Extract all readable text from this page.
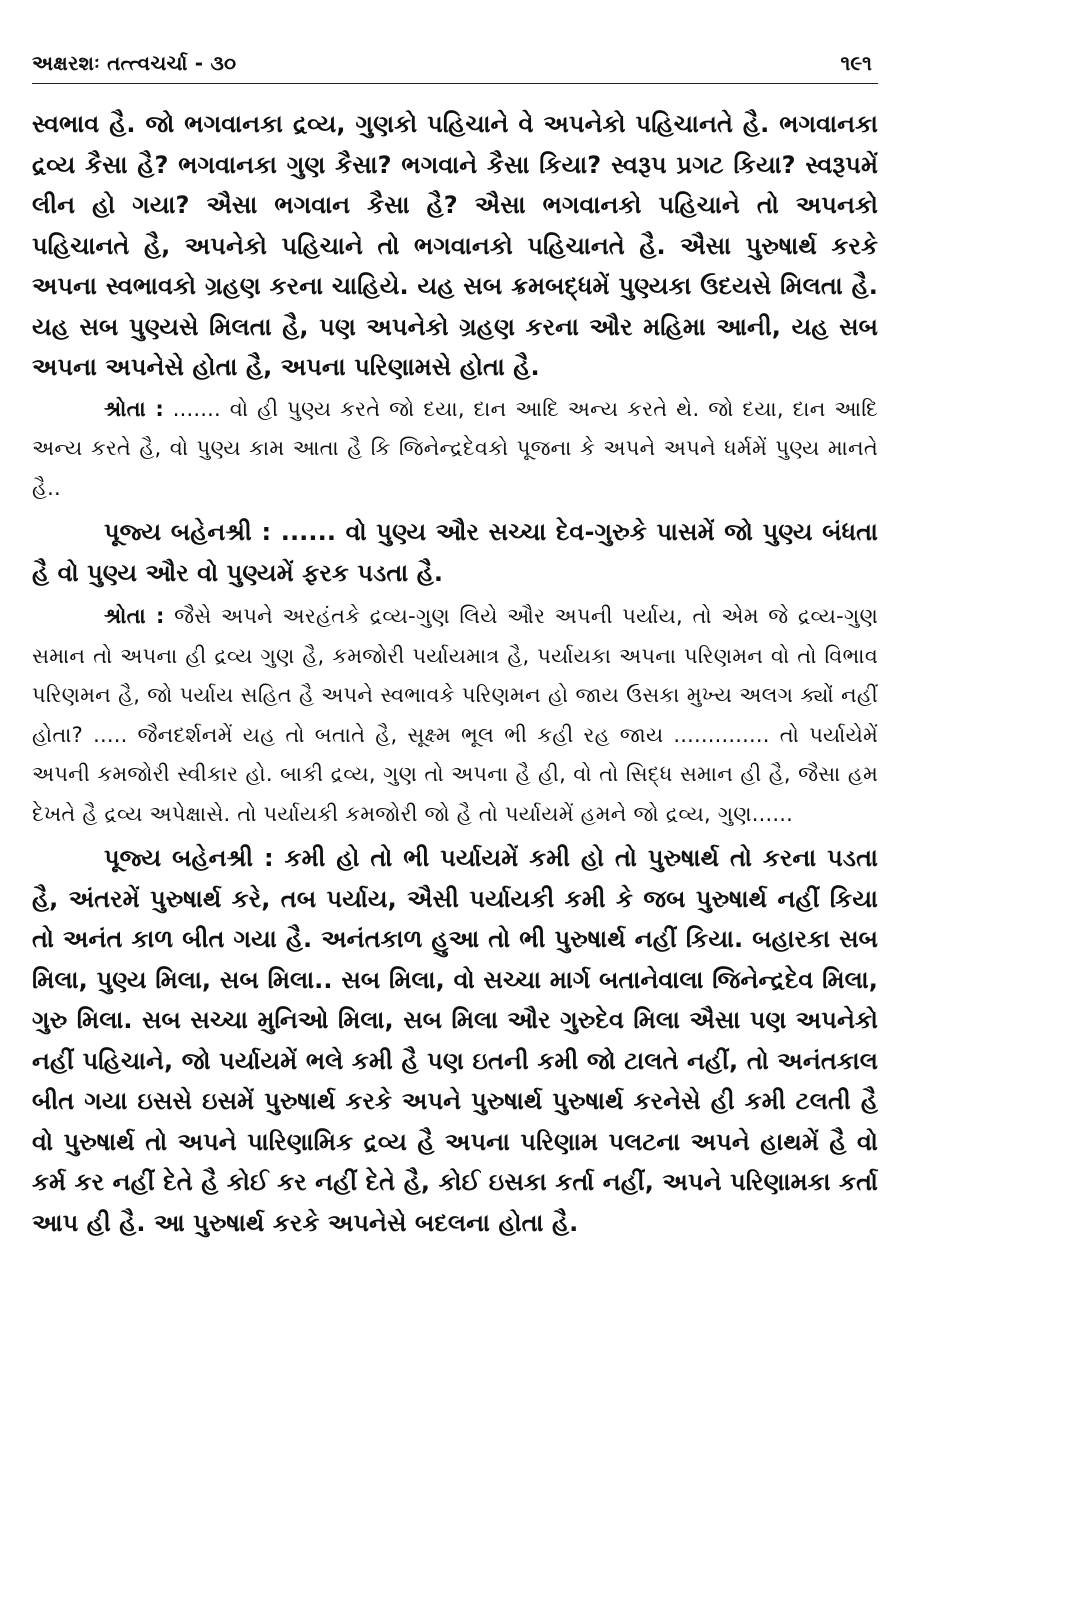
અક્ષરશઃ તત્ત્વચર્ચા - ૩૦	૧૯૧

સ્વભાવ હૈ. જો ભગવાનકા દ્રવ્ય, ગુણકો પહિચાને વે અપનેકો પહિચાનતે હૈ. ભગવાનકા દ્રવ્ય કૈસા હૈ? ભગવાનકા ગુણ કૈસા? ભગવાને કૈસા કિયા? સ્વરૂપ પ્રગટ કિયા? સ્વરૂપમેં લીન હો ગયા? ઐસા ભગવાન કૈસા હૈ? ઐસા ભગવાનકો પહિચાને તો અપનકો પહિચાનતે હૈ, અપનેકો પહિચાને તો ભગવાનકો પહિચાનતે હૈ. ઐસા પુરુષાર્થ કરકે અપના સ્વભાવકો ગ્રહણ કરના ચાહિયે. યહ સબ ક્રમબદ્ધમેં પુણ્યકા ઉદયસે મિલતા હૈ. યહ સબ પુણ્યસે મિલતા હૈ, પણ અપનેકો ગ્રહણ કરના ઔર મહિમા આની, યહ સબ અપના અપનેસે હોતા હૈ, અપના પરિણામસે હોતા હૈ.

શ્રોતા : ....... વો હી પુણ્ય કરતે જો દયા, દાન આદિ અન્ય કરતે થે. જો દયા, દાન આદિ અન્ય કરતે હૈ, વો પુણ્ય કામ આતા હૈ કિ જિનેન્દ્રદેવકો પૂજના કે અપને અપને ધર્મમેં પુણ્ય માનતે હૈ..

પૂજ્ય બહેનશ્રી : ...... વો પુણ્ય ઔર સચ્ચા દેવ-ગુરુકે પાસમેં જો પુણ્ય બંધતા હૈ વો પુણ્ય ઔર વો પુણ્યમેં ફરક પડતા હૈ.

શ્રોતા : જૈસે અપને અરહંતકે દ્રવ્ય-ગુણ લિયે ઔર અપની પર્યાય, તો એમ જે દ્રવ્ય-ગુણ સમાન તો અપના હી દ્રવ્ય ગુણ હૈ, કમજોરી પર્યાયમાત્ર હૈ, પર્યાયકા અપના પરિણમન વો તો વિભાવ પરિણમન હૈ, જો પર્યાય સહિત હૈ અપને સ્વભાવકે પરિણમન હો જાય ઉસકા મુખ્ય અલગ ક્યોં નહીં હોતા? ..... જૈનદર્શનમેં યહ તો બતાતે હૈ, સૂક્ષ્મ ભૂલ ભી કહી રહ જાય .............. તો પર્યાયેમેં અપની કમજોરી સ્વીકાર હો. બાકી દ્રવ્ય, ગુણ તો અપના હૈ હી, વો તો સિદ્ધ સમાન હી હૈ, જૈસા હમ દેખતે હૈ દ્રવ્ય અપેક્ષાસે. તો પર્યાયકી કમજોરી જો હૈ તો પર્યાયમેં હમને જો દ્રવ્ય, ગુણ......

પૂજ્ય બહેનશ્રી : કમી હો તો ભી પર્યાયમેં કમી હો તો પુરુષાર્થ તો કરના પડતા હૈ, અંતરમેં પુરુષાર્થ કરે, તબ પર્યાય, ઐસી પર્યાયકી કમી કે જબ પુરુષાર્થ નહીં કિયા તો અનંત કાળ બીત ગયા હૈ. અનંતકાળ હુઆ તો ભી પુરુષાર્થ નહીં કિયા. બહારકા સબ મિલા, પુણ્ય મિલા, સબ મિલા.. સબ મિલા, વો સચ્ચા માર્ગ બતાનેવાલા જિનેન્દ્રદેવ મિલા, ગુરુ મિલા. સબ સચ્ચા મુનિઓ મિલા, સબ મિલા ઔર ગુરુદેવ મિલા ઐસા પણ અપનેકો નહીં પહિચાને, જો પર્યાયમેં ભલે કમી હૈ પણ ઇતની કમી જો ટાલતે નહીં, તો અનંતકાલ બીત ગયા ઇસસે ઇસમેં પુરુષાર્થ કરકે અપને પુરુષાર્થ પુરુષાર્થ કરનેસે હી કમી ટલતી હૈ વો પુરુષાર્થ તો અપને પારિણામિક દ્રવ્ય હૈ અપના પરિણામ પલટના અપને હાથમેં હૈ વો કર્મ કર નહીં દેતે હૈ કોઈ કર નહીં દેતે હૈ, કોઈ ઇસકા કર્તા નહીં, અપને પરિણામકા કર્તા આપ હી હૈ. આ પુરુષાર્થ કરકે અપનેસે બદલના હોતા હૈ.
